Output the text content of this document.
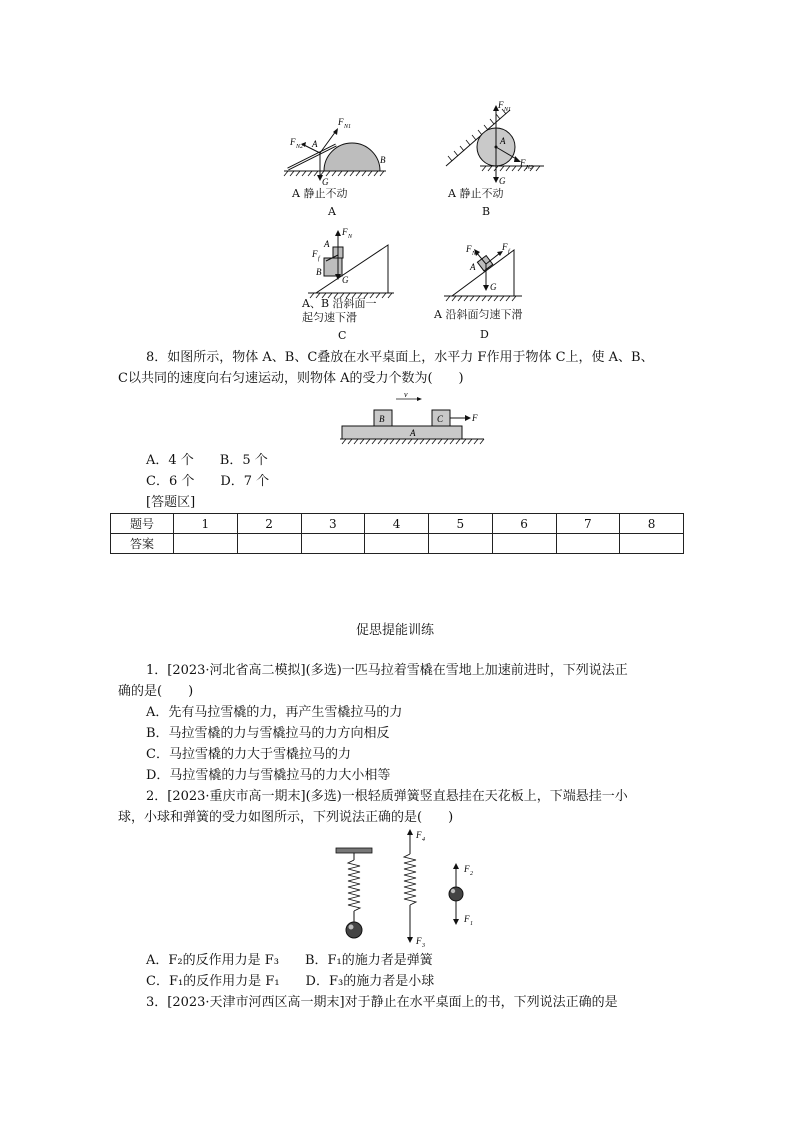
F N1
F N2 A
B
G
A 静止不动
A
F N1
A
F N2
G
A 静止不动
B
F N
A
F f
B
G
A、B 沿斜面一
起匀速下滑
C
F f
F N
A
G
A 沿斜面匀速下滑
D
8．如图所示，物体 A、B、C叠放在水平桌面上，水平力 F作用于物体 C上，使 A、B、
C以共同的速度向右匀速运动，则物体 A的受力个数为(　　)
v
B	C
A
F
A．4 个　　B．5 个
C．6 个　　D．7 个
[答题区]
题号	1	2	3	4	5	6	7	8
答案								
促思提能训练
1．[2023·河北省高二模拟](多选)一匹马拉着雪橇在雪地上加速前进时，下列说法正
确的是(　　)
A．先有马拉雪橇的力，再产生雪橇拉马的力
B．马拉雪橇的力与雪橇拉马的力方向相反
C．马拉雪橇的力大于雪橇拉马的力
D．马拉雪橇的力与雪橇拉马的力大小相等
2．[2023·重庆市高一期末](多选)一根轻质弹簧竖直悬挂在天花板上，下端悬挂一小
球，小球和弹簧的受力如图所示，下列说法正确的是(　　)
F 4
F 3
F 2
F 1
A．F₂的反作用力是 F₃　　B．F₁的施力者是弹簧
C．F₁的反作用力是 F₁　　D．F₃的施力者是小球
3．[2023·天津市河西区高一期末]对于静止在水平桌面上的书，下列说法正确的是
